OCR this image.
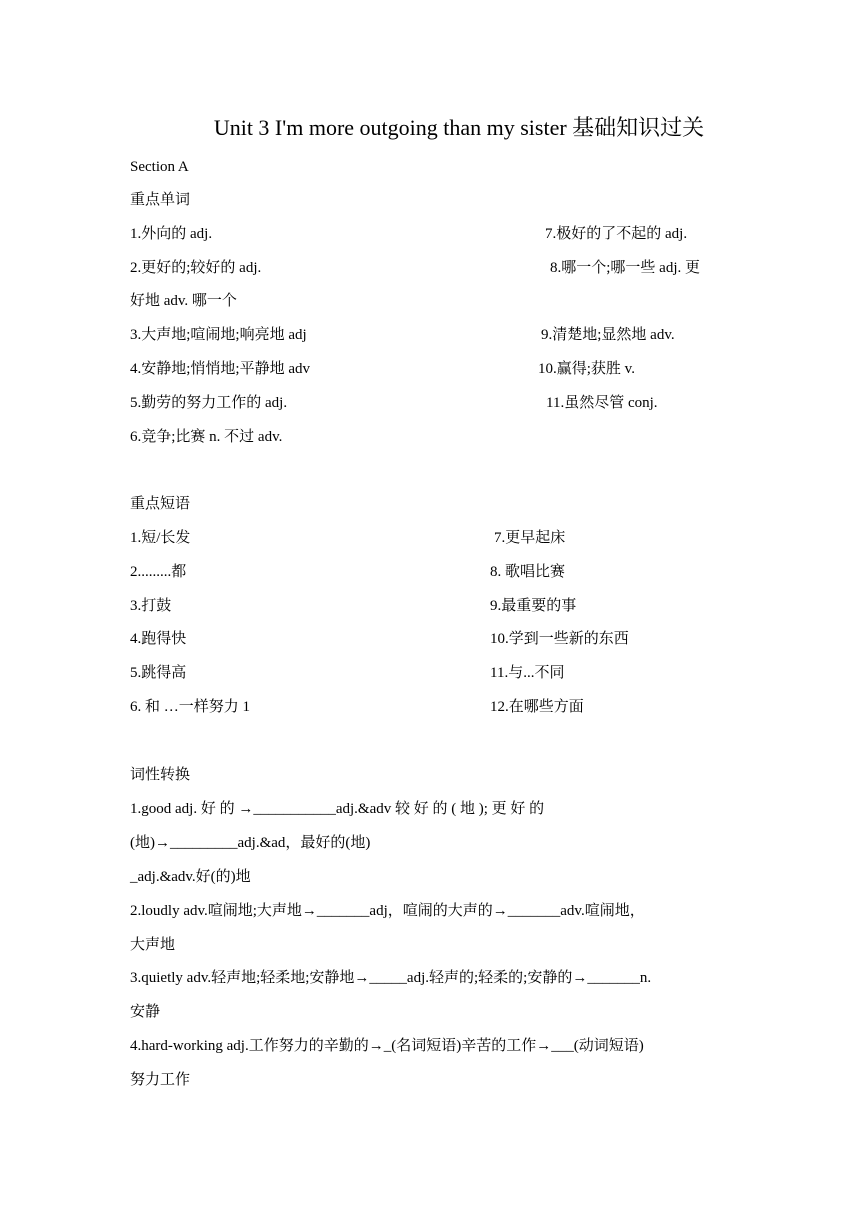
Unit 3 I'm more outgoing than my sister 基础知识过关
Section A
重点单词
1.外向的 adj.	7.极好的了不起的 adj.
2.更好的;较好的 adj.	8.哪一个;哪一些 adj. 更
好地 adv. 哪一个
3.大声地;喧闹地;响亮地 adj	9.清楚地;显然地 adv.
4.安静地;悄悄地;平静地 adv	10.赢得;获胜 v.
5.勤劳的努力工作的 adj.	11.虽然尽管 conj.
6.竞争;比赛 n. 不过 adv.
重点短语
1.短/长发	7.更早起床
2.........都	8. 歌唱比赛
3.打鼓	9.最重要的事
4.跑得快	10.学到一些新的东西
5.跳得高	11.与...不同
6. 和 …一样努力 1	12.在哪些方面
词性转换
1.good adj. 好 的 →___________adj.&adv 较 好 的 ( 地 ); 更 好 的
(地)→_________adj.&ad，最好的(地)
_adj.&adv.好(的)地
2.loudly adv.喧闹地;大声地→_______adj，喧闹的大声的→_______adv.喧闹地，
大声地
3.quietly adv.轻声地;轻柔地;安静地→_____adj.轻声的;轻柔的;安静的→_______n.
安静
4.hard-working adj.工作努力的辛勤的→_(名词短语)辛苦的工作→___(动词短语)
努力工作
